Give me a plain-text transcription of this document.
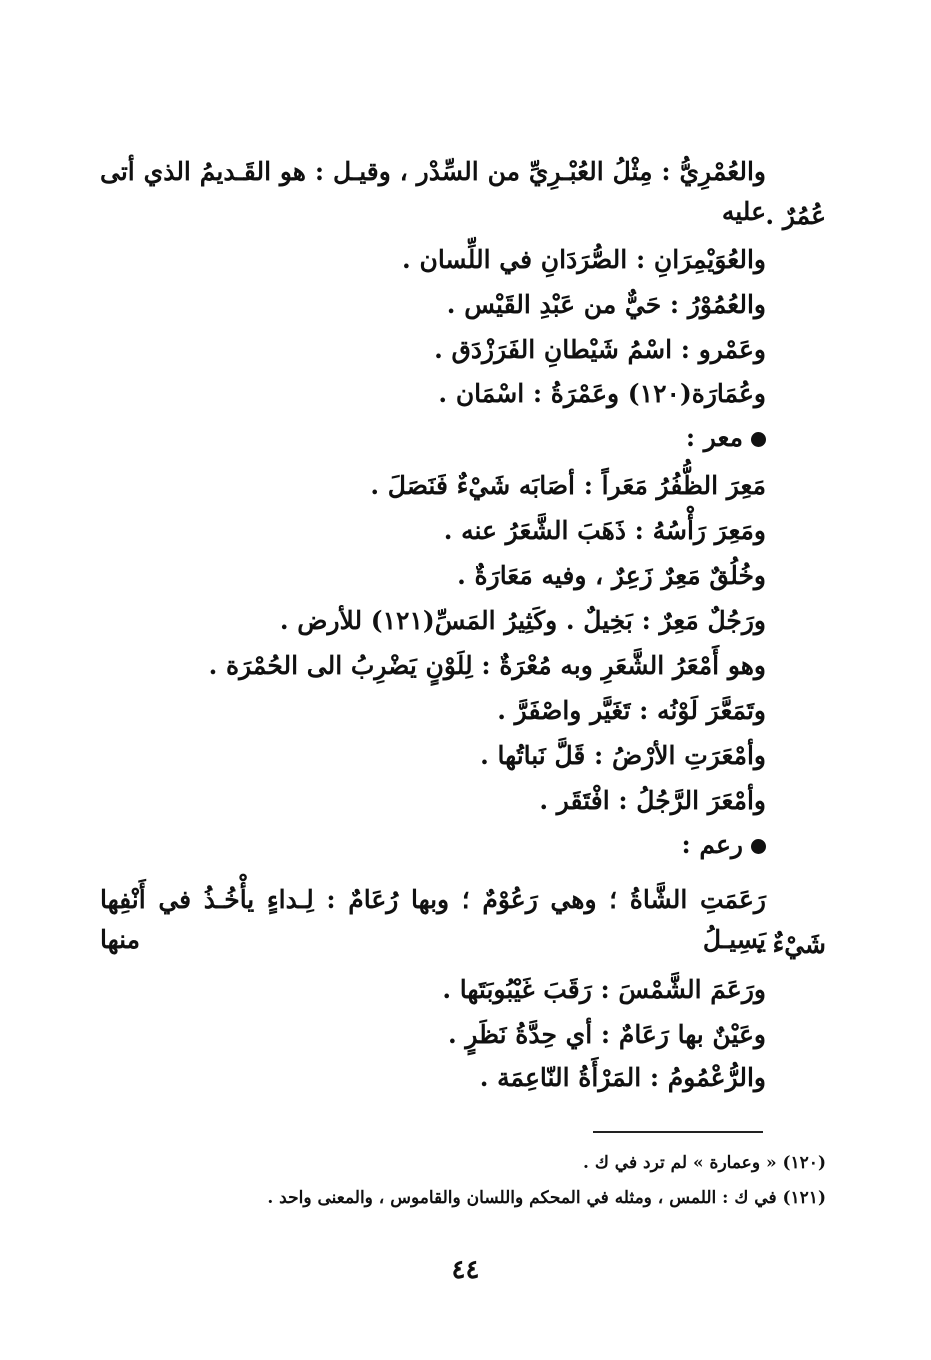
والعُمْرِيُّ : مِثْلُ العُبْـرِيِّ من السِّدْر ، وقيـل : هو القَـديمُ الذي أتى عليه عُمُرٌ .
والعُوَيْمِرَانِ : الصُّرَدَانِ في اللِّسان .
والعُمُوْرُ : حَيٌّ من عَبْدِ القَيْس .
وعَمْرو : اسْمُ شَيْطانِ الفَرَزْدَق .
وعُمَارَة(١٢٠) وعَمْرَةُ : اسْمَان .
معر :
مَعِرَ الظُّفُرُ مَعَراً : أصَابَه شَيْءٌ فَنَصَلَ .
ومَعِرَ رَأْسُهُ : ذَهَبَ الشَّعَرُ عنه .
وخُلُقٌ مَعِرٌ زَعِرٌ ، وفيه مَعَارَةٌ .
ورَجُلٌ مَعِرٌ : بَخِيلٌ . وكَثِيرُ المَسِّ(١٢١) للأرض .
وهو أَمْعَرُ الشَّعَرِ وبه مُعْرَةٌ : لِلَوْنٍ يَضْرِبُ الى الحُمْرَة .
وتَمَعَّرَ لَوْنُه : تَغَيَّر واصْفَرَّ .
وأمْعَرَتِ الأرْضُ : قَلَّ نَباتُها .
وأمْعَرَ الرَّجُلُ : افْتَقَر .
رعم :
رَعَمَتِ الشَّاةُ ؛ وهي رَعُوْمٌ ؛ وبها رُعَامٌ : لِـداءٍ يأْخُـذُ في أَنْفِها يَسِيـلُ منها
شَيْءٌ .
ورَعَمَ الشَّمْسَ : رَقَبَ غَيْبُوبَتَها .
وعَيْنٌ بها رَعَامٌ : أي حِدَّةُ نَظَرٍ .
والرُّعْمُومُ : المَرْأَةُ النّاعِمَة .
(١٢٠) « وعمارة » لم ترد في ك .
(١٢١) في ك : اللمس ، ومثله في المحكم واللسان والقاموس ، والمعنى واحد .
٤٤
